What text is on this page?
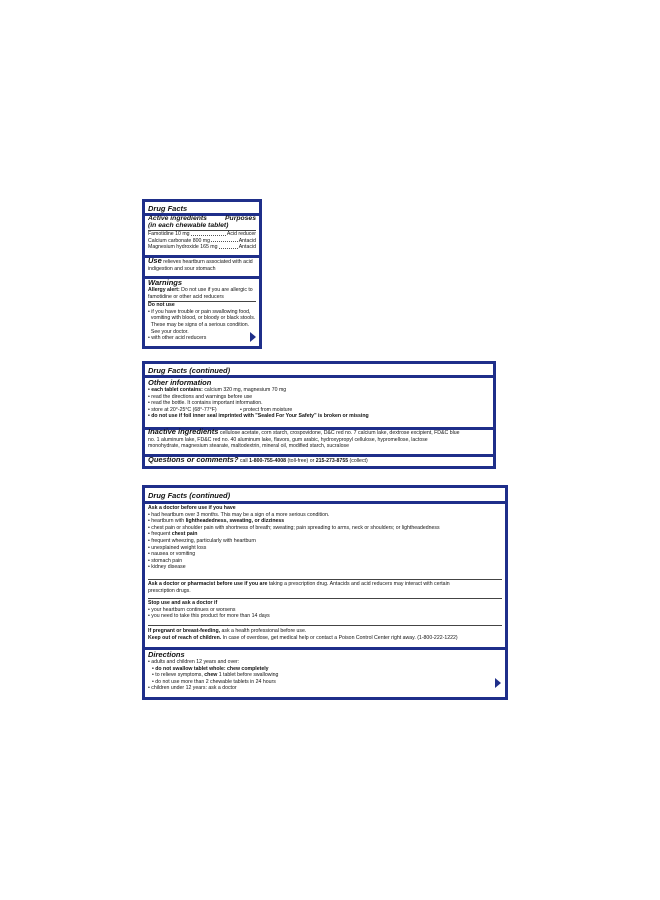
Drug Facts
Active ingredients	Purposes
(in each chewable tablet)
Famotidine 10 mg	Acid reducer
Calcium carbonate 800 mg	Antacid
Magnesium hydroxide 165 mg	Antacid
Use relieves heartburn associated with acid
indigestion and sour stomach
Warnings
Allergy alert: Do not use if you are allergic to
famotidine or other acid reducers
Do not use
• if you have trouble or pain swallowing food,
vomiting with blood, or bloody or black stools.
These may be signs of a serious condition.
See your doctor.
• with other acid reducers
Drug Facts (continued)
Other information
• each tablet contains: calcium 320 mg, magnesium 70 mg
• read the directions and warnings before use
• read the bottle. It contains important information.
• store at 20°-25°C (68°-77°F)	• protect from moisture
• do not use if foil inner seal imprinted with "Sealed For Your Safety" is broken or missing
Inactive ingredients cellulose acetate, corn starch, crospovidone, D&C red no. 7 calcium lake, dextrose excipient, FD&C blue
no. 1 aluminum lake, FD&C red no. 40 aluminum lake, flavors, gum arabic, hydroxypropyl cellulose, hypromellose, lactose
monohydrate, magnesium stearate, maltodextrin, mineral oil, modified starch, sucralose
Questions or comments? call 1-800-755-4008 (toll-free) or 215-273-8755 (collect)
Drug Facts (continued)
Ask a doctor before use if you have
• had heartburn over 3 months. This may be a sign of a more serious condition.
• heartburn with lightheadedness, sweating, or dizziness
• chest pain or shoulder pain with shortness of breath; sweating; pain spreading to arms, neck or shoulders; or lightheadedness
• frequent chest pain
• frequent wheezing, particularly with heartburn
• unexplained weight loss
• nausea or vomiting
• stomach pain
• kidney disease
Ask a doctor or pharmacist before use if you are taking a prescription drug. Antacids and acid reducers may interact with certain
prescription drugs.
Stop use and ask a doctor if
• your heartburn continues or worsens
• you need to take this product for more than 14 days
If pregnant or breast-feeding, ask a health professional before use.
Keep out of reach of children. In case of overdose, get medical help or contact a Poison Control Center right away. (1-800-222-1222)
Directions
• adults and children 12 years and over:
• do not swallow tablet whole: chew completely
• to relieve symptoms, chew 1 tablet before swallowing
• do not use more than 2 chewable tablets in 24 hours
• children under 12 years: ask a doctor
